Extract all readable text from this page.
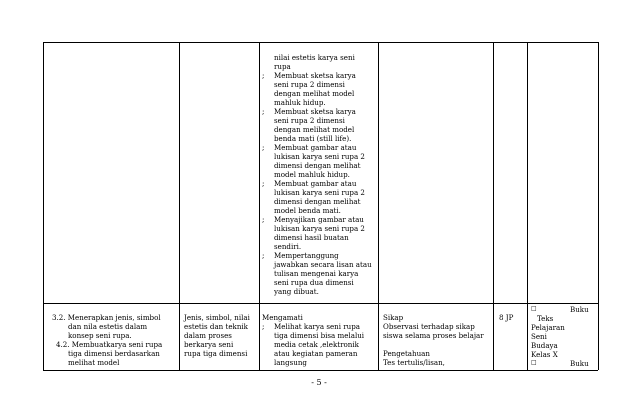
nilai estetis karya seni
rupa
; Membuat sketsa karya
seni rupa 2 dimensi
dengan melihat model
mahluk hidup.
; Membuat sketsa karya
seni rupa 2 dimensi
dengan melihat model
benda mati (still life).
; Membuat gambar atau
lukisan karya seni rupa 2
dimensi dengan melihat
model mahluk hidup.
; Membuat gambar atau
lukisan karya seni rupa 2
dimensi dengan melihat
model benda mati.
; Menyajikan gambar atau
lukisan karya seni rupa 2
dimensi hasil buatan
sendiri.
; Mempertanggung
jawabkan secara lisan atau
tulisan mengenai karya
seni rupa dua dimensi
yang dibuat.
3.2. Menerapkan jenis, simbol
dan nila estetis dalam
konsep seni rupa.
4.2. Membuatkarya seni rupa
tiga dimensi berdasarkan
melihat model
Jenis, simbol, nilai
estetis dan teknik
dalam proses
berkarya seni
rupa tiga dimensi
Mengamati
; Melihat karya seni rupa
tiga dimensi bisa melalui
media cetak ,elektronik
atau kegiatan pameran
langsung
Sikap
Observasi terhadap sikap
siswa selama proses belajar
Pengetahuan
Tes tertulis/lisan,
8 JP
□	Buku
Teks
Pelajaran
Seni
Budaya
Kelas X
□	Buku
- 5 -
